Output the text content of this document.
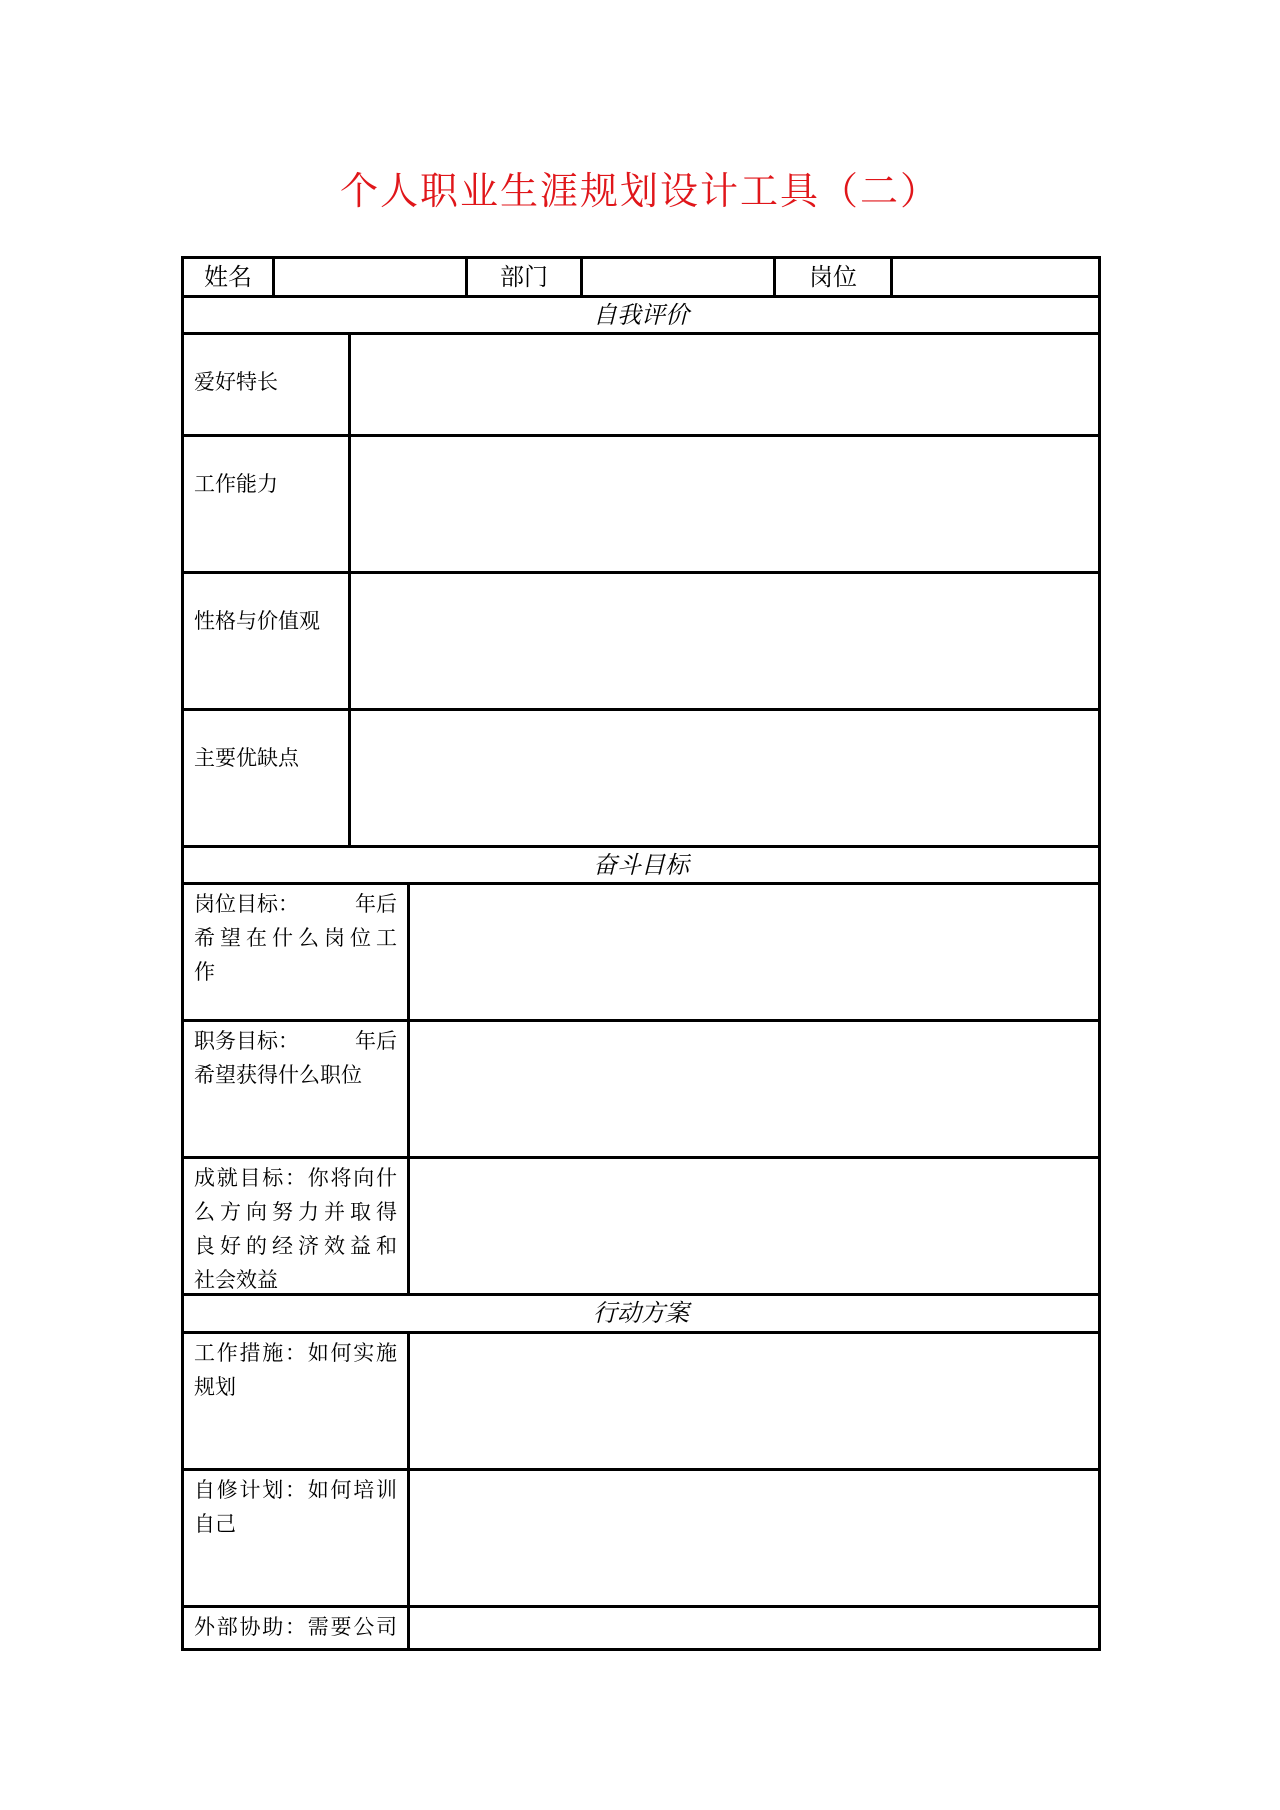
个人职业生涯规划设计工具（二）
姓名	部门	岗位
自我评价
爱好特长
工作能力
性格与价值观
主要优缺点
奋斗目标
岗位目标：	年后
希望在什么岗位工
作
职务目标：	年后
希望获得什么职位
成就目标：你将向什
么方向努力并取得
良好的经济效益和
社会效益
行动方案
工作措施：如何实施
规划
自修计划：如何培训
自己
外部协助：需要公司
